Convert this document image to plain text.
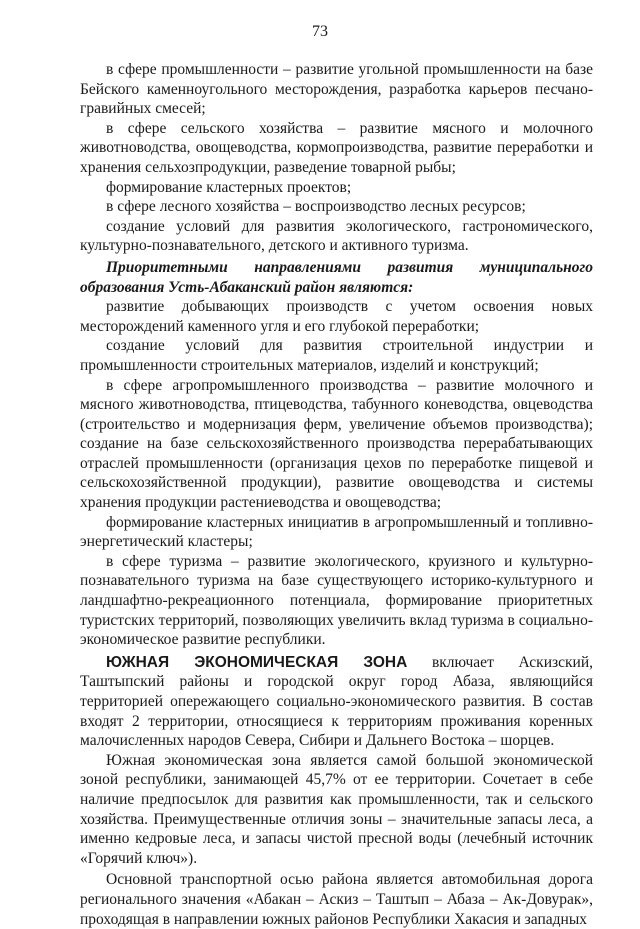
73

в сфере промышленности – развитие угольной промышленности на базе Бейского каменноугольного месторождения, разработка карьеров песчано-гравийных смесей;

в сфере сельского хозяйства – развитие мясного и молочного животноводства, овощеводства, кормопроизводства, развитие переработки и хранения сельхозпродукции, разведение товарной рыбы;

формирование кластерных проектов;

в сфере лесного хозяйства – воспроизводство лесных ресурсов;

создание условий для развития экологического, гастрономического, культурно-познавательного, детского и активного туризма.

Приоритетными направлениями развития муниципального образования Усть-Абаканский район являются:

развитие добывающих производств с учетом освоения новых месторождений каменного угля и его глубокой переработки;

создание условий для развития строительной индустрии и промышленности строительных материалов, изделий и конструкций;

в сфере агропромышленного производства – развитие молочного и мясного животноводства, птицеводства, табунного коневодства, овцеводства (строительство и модернизация ферм, увеличение объемов производства); создание на базе сельскохозяйственного производства перерабатывающих отраслей промышленности (организация цехов по переработке пищевой и сельскохозяйственной продукции), развитие овощеводства и системы хранения продукции растениеводства и овощеводства;

формирование кластерных инициатив в агропромышленный и топливно-энергетический кластеры;

в сфере туризма – развитие экологического, круизного и культурно-познавательного туризма на базе существующего историко-культурного и ландшафтно-рекреационного потенциала, формирование приоритетных туристских территорий, позволяющих увеличить вклад туризма в социально-экономическое развитие республики.

ЮЖНАЯ ЭКОНОМИЧЕСКАЯ ЗОНА включает Аскизский, Таштыпский районы и городской округ город Абаза, являющийся территорией опережающего социально-экономического развития. В состав входят 2 территории, относящиеся к территориям проживания коренных малочисленных народов Севера, Сибири и Дальнего Востока – шорцев.

Южная экономическая зона является самой большой экономической зоной республики, занимающей 45,7% от ее территории. Сочетает в себе наличие предпосылок для развития как промышленности, так и сельского хозяйства. Преимущественные отличия зоны – значительные запасы леса, а именно кедровые леса, и запасы чистой пресной воды (лечебный источник «Горячий ключ»).

Основной транспортной осью района является автомобильная дорога регионального значения «Абакан – Аскиз – Таштып – Абаза – Ак-Довурак», проходящая в направлении южных районов Республики Хакасия и западных
